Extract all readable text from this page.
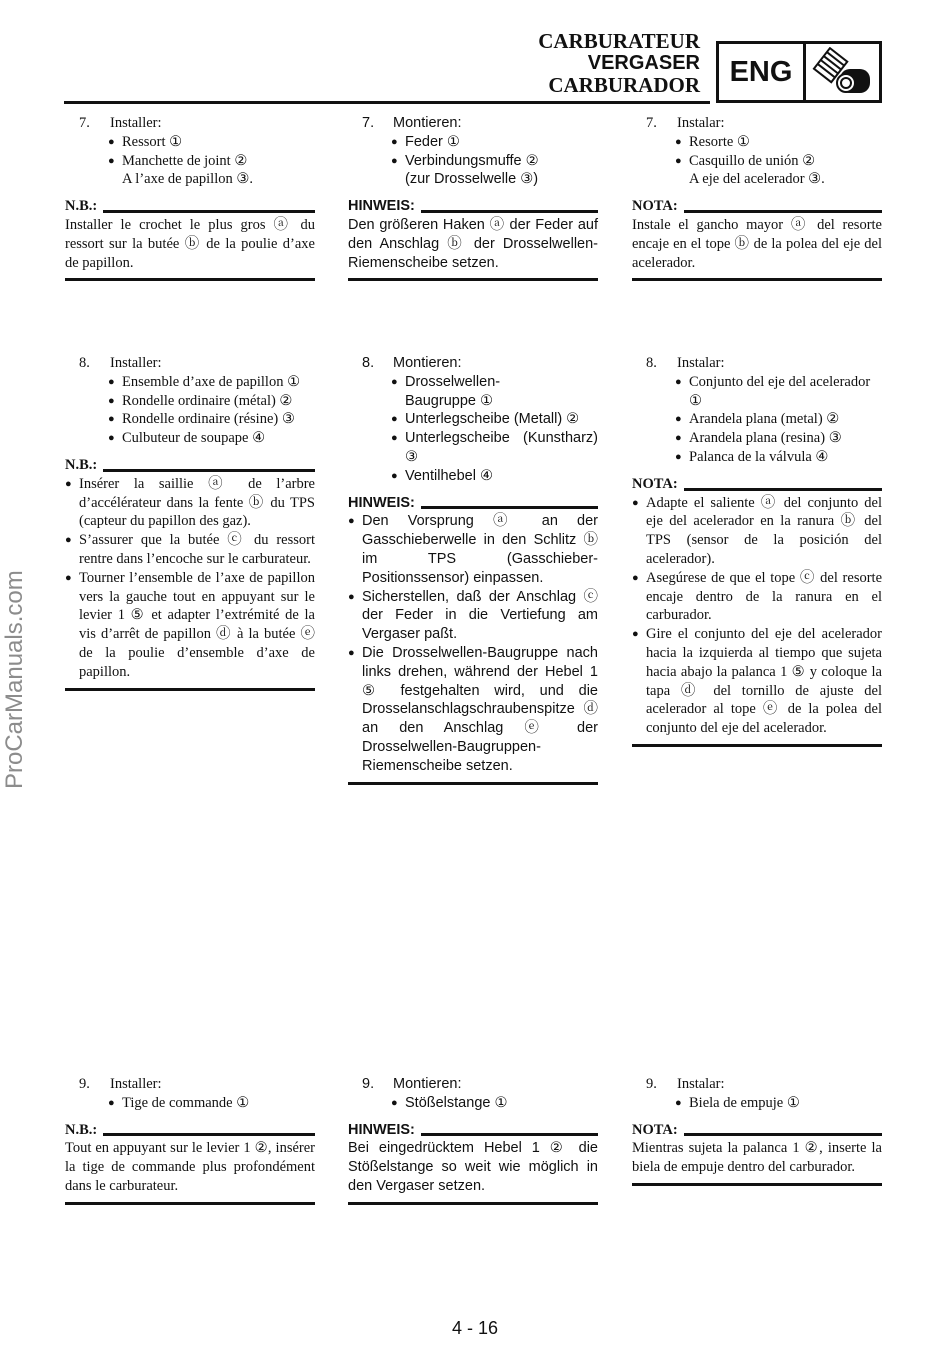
CARBURATEUR
VERGASER
CARBURADOR	ENG
ProCarManuals.com
7.	Installer:
● Ressort ①
● Manchette de joint ②
A l’axe de papillon ③.
N.B.:
Installer le crochet le plus gros ⓐ du ressort sur la butée ⓑ de la poulie d’axe de papillon.
7.	Montieren:
● Feder ①
● Verbindungsmuffe ②
(zur Drosselwelle ③)
HINWEIS:
Den größeren Haken ⓐ der Feder auf den Anschlag ⓑ der Drosselwellen-Riemenscheibe setzen.
7.	Instalar:
● Resorte ①
● Casquillo de unión ②
A eje del acelerador ③.
NOTA:
Instale el gancho mayor ⓐ del resorte encaje en el tope ⓑ de la polea del eje del acelerador.
8.	Installer:
● Ensemble d’axe de papillon ①
● Rondelle ordinaire (métal) ②
● Rondelle ordinaire (résine) ③
● Culbuteur de soupape ④
N.B.:
● Insérer la saillie ⓐ de l’arbre d’accélérateur dans la fente ⓑ du TPS (capteur du papillon des gaz).
● S’assurer que la butée ⓒ du ressort rentre dans l’encoche sur le carburateur.
● Tourner l’ensemble de l’axe de papillon vers la gauche tout en appuyant sur le levier 1 ⑤ et adapter l’extrémité de la vis d’arrêt de papillon ⓓ à la butée ⓔ de la poulie d’ensemble d’axe de papillon.
8.	Montieren:
● Drosselwellen-Baugruppe ①
● Unterlegscheibe (Metall) ②
● Unterlegscheibe (Kunstharz) ③
● Ventilhebel ④
HINWEIS:
● Den Vorsprung ⓐ an der Gasschieberwelle in den Schlitz ⓑ im TPS (Gasschieber-Positionssensor) einpassen.
● Sicherstellen, daß der Anschlag ⓒ der Feder in die Vertiefung am Vergaser paßt.
● Die Drosselwellen-Baugruppe nach links drehen, während der Hebel 1 ⑤ festgehalten wird, und die Drosselanschlagschraubenspitze ⓓ an den Anschlag ⓔ der Drosselwellen-Baugruppen-Riemenscheibe setzen.
8.	Instalar:
● Conjunto del eje del acelerador ①
● Arandela plana (metal) ②
● Arandela plana (resina) ③
● Palanca de la válvula ④
NOTA:
● Adapte el saliente ⓐ del conjunto del eje del acelerador en la ranura ⓑ del TPS (sensor de la posición del acelerador).
● Asegúrese de que el tope ⓒ del resorte encaje dentro de la ranura en el carburador.
● Gire el conjunto del eje del acelerador hacia la izquierda al tiempo que sujeta hacia abajo la palanca 1 ⑤ y coloque la tapa ⓓ del tornillo de ajuste del acelerador al tope ⓔ de la polea del conjunto del eje del acelerador.
9.	Installer:
● Tige de commande ①
N.B.:
Tout en appuyant sur le levier 1 ②, insérer la tige de commande plus profondément dans le carburateur.
9.	Montieren:
● Stößelstange ①
HINWEIS:
Bei eingedrücktem Hebel 1 ② die Stößelstange so weit wie möglich in den Vergaser setzen.
9.	Instalar:
● Biela de empuje ①
NOTA:
Mientras sujeta la palanca 1 ②, inserte la biela de empuje dentro del carburador.
4 - 16
